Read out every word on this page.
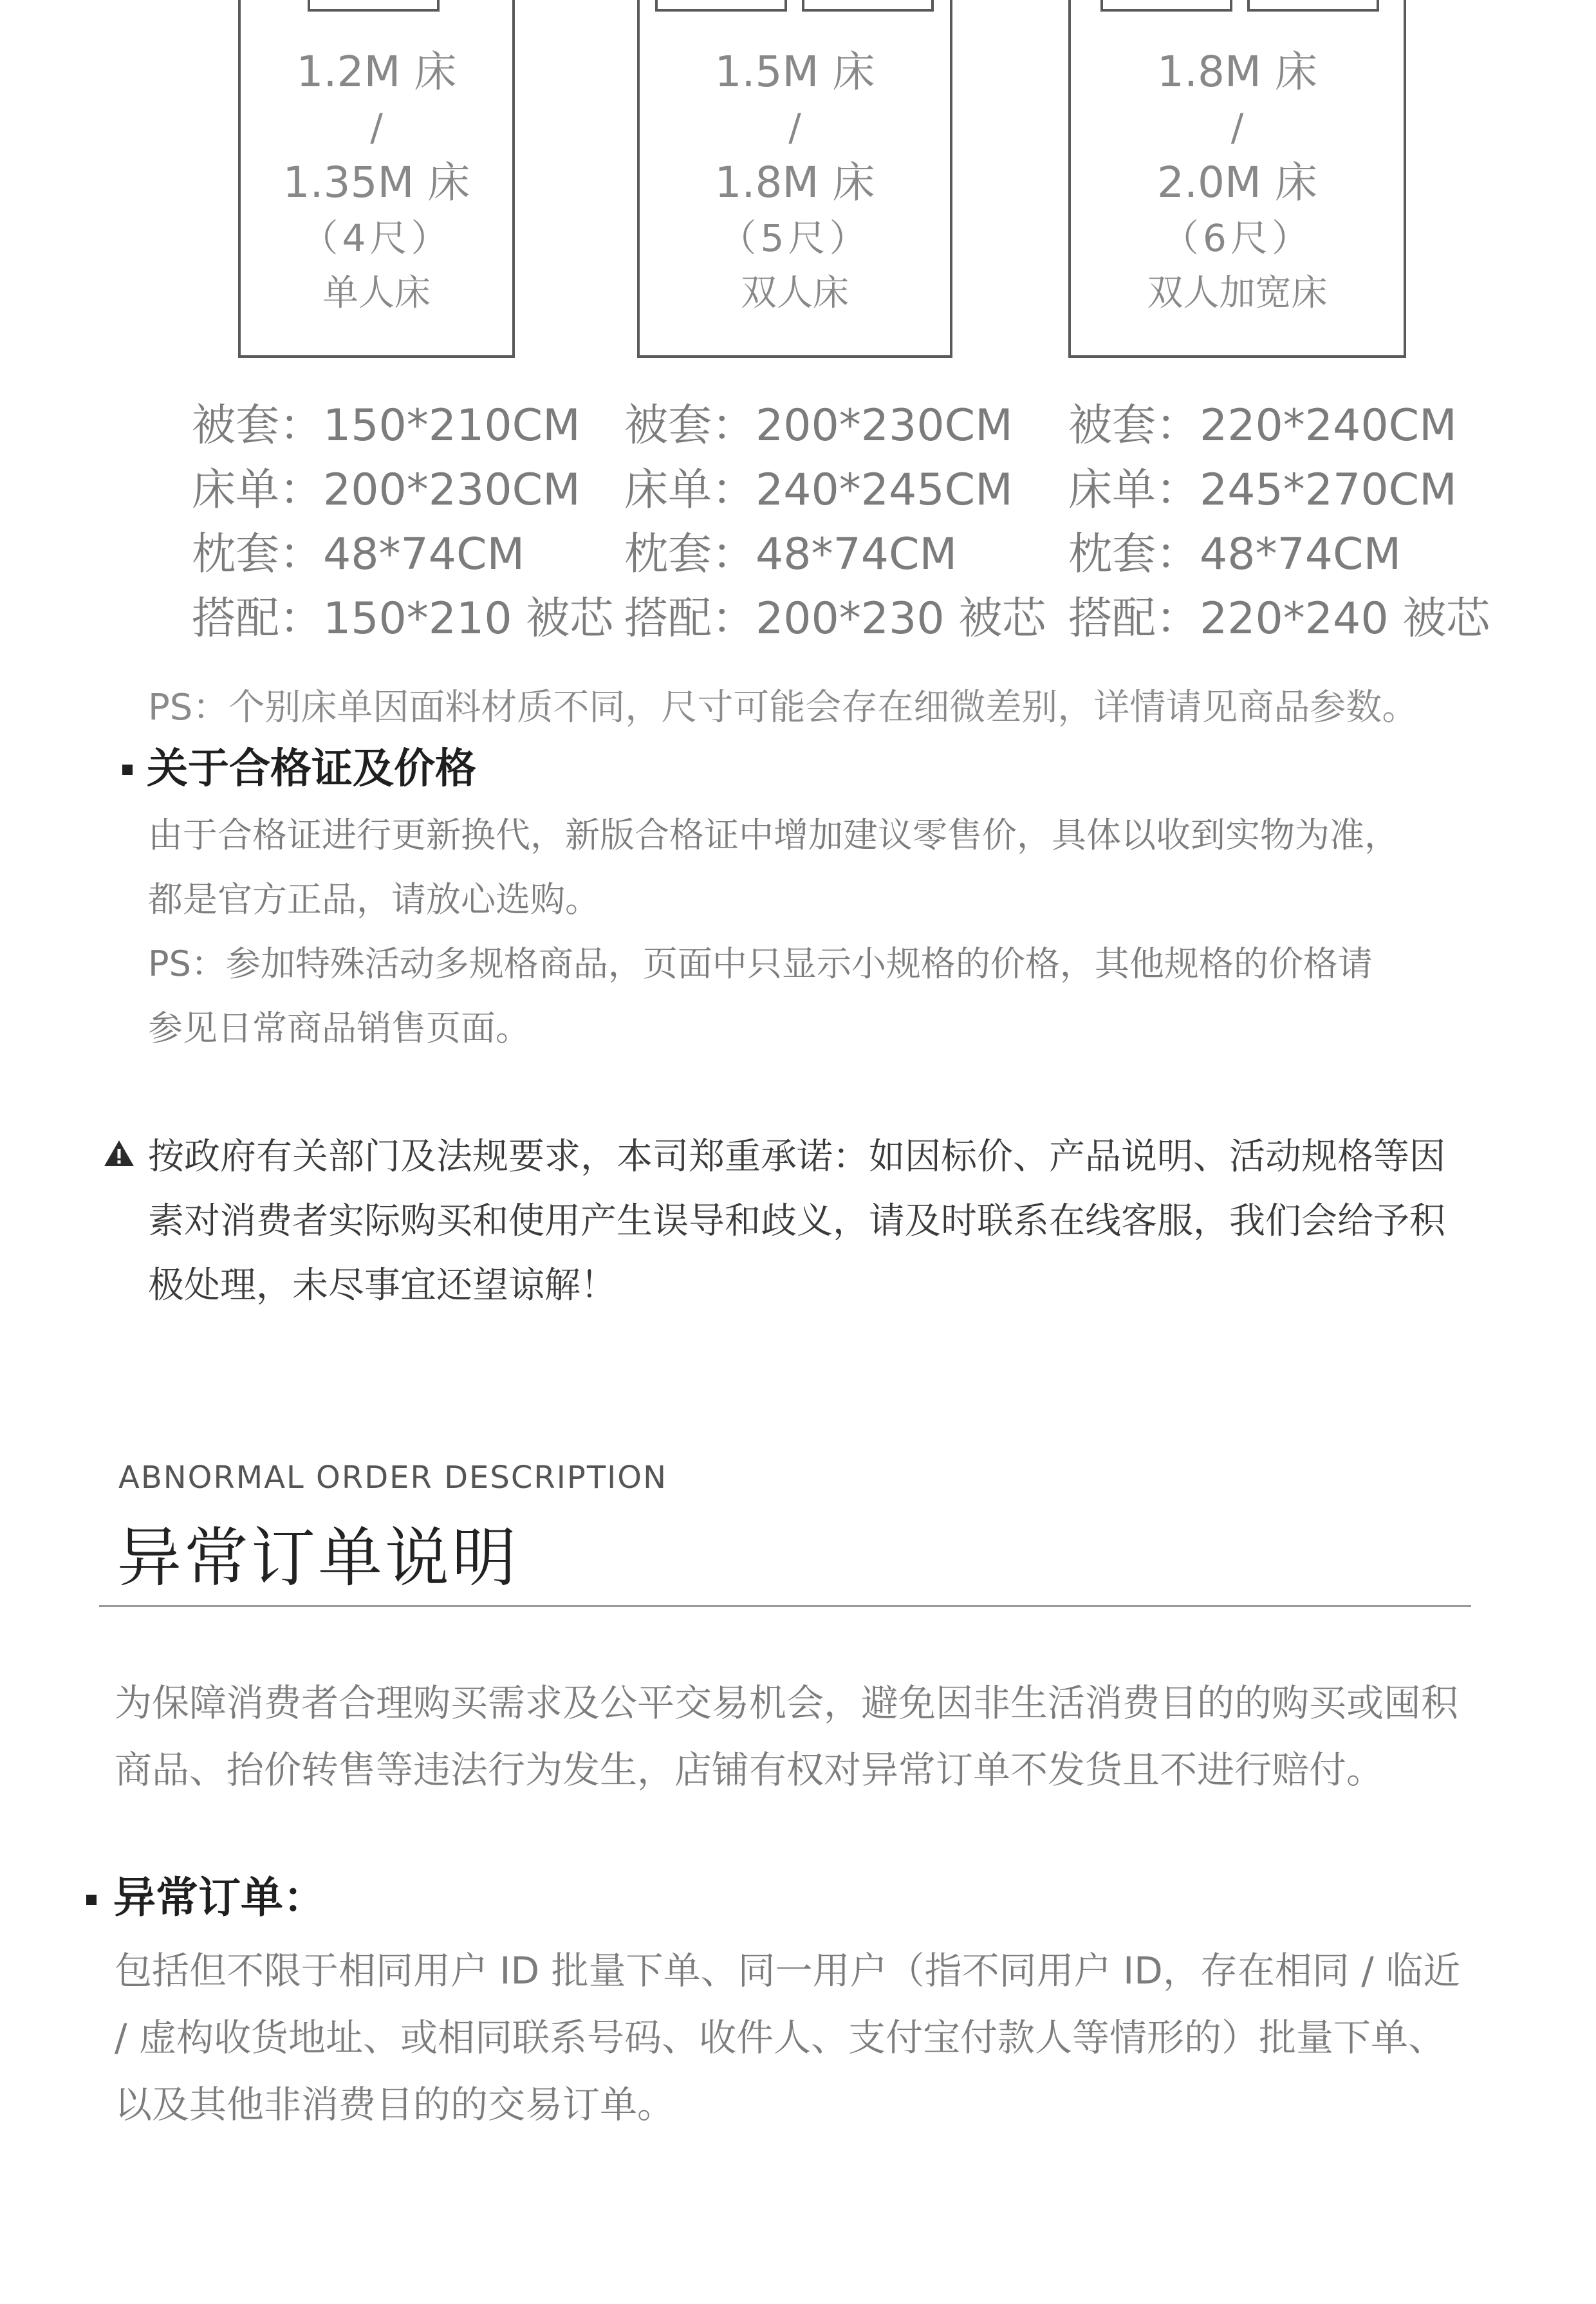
1.2M 床
/
1.35M 床
（4尺）
单人床
1.5M 床
/
1.8M 床
（5尺）
双人床
1.8M 床
/
2.0M 床
（6尺）
双人加宽床
被套：150*210CM
床单：200*230CM
枕套：48*74CM
搭配：150*210 被芯
被套：200*230CM
床单：240*245CM
枕套：48*74CM
搭配：200*230 被芯
被套：220*240CM
床单：245*270CM
枕套：48*74CM
搭配：220*240 被芯
PS：个别床单因面料材质不同，尺寸可能会存在细微差别，详情请见商品参数。
关于合格证及价格
由于合格证进行更新换代，新版合格证中增加建议零售价，具体以收到实物为准，
都是官方正品，请放心选购。
PS：参加特殊活动多规格商品，页面中只显示小规格的价格，其他规格的价格请
参见日常商品销售页面。
按政府有关部门及法规要求，本司郑重承诺：如因标价、产品说明、活动规格等因
素对消费者实际购买和使用产生误导和歧义，请及时联系在线客服，我们会给予积
极处理，未尽事宜还望谅解！
ABNORMAL ORDER DESCRIPTION
异常订单说明
为保障消费者合理购买需求及公平交易机会，避免因非生活消费目的的购买或囤积
商品、抬价转售等违法行为发生，店铺有权对异常订单不发货且不进行赔付。
异常订单：
包括但不限于相同用户 ID 批量下单、同一用户（指不同用户 ID，存在相同 / 临近
/ 虚构收货地址、或相同联系号码、收件人、支付宝付款人等情形的）批量下单、
以及其他非消费目的的交易订单。
